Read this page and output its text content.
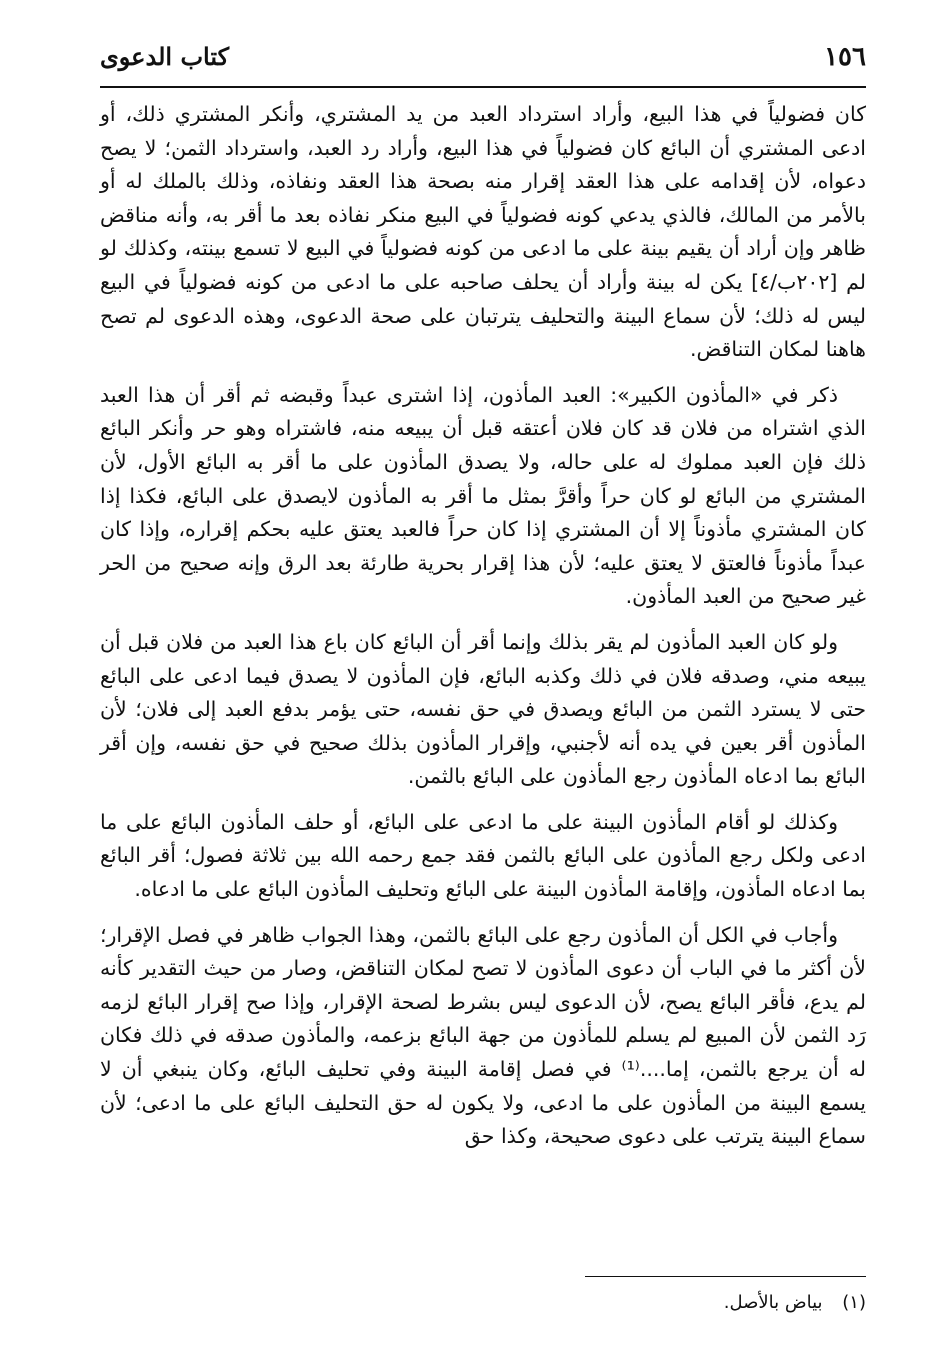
١٥٦
كتاب الدعوى

كان فضولياً في هذا البيع، وأراد استرداد العبد من يد المشتري، وأنكر المشتري ذلك، أو ادعى المشتري أن البائع كان فضولياً في هذا البيع، وأراد رد العبد، واسترداد الثمن؛ لا يصح دعواه، لأن إقدامه على هذا العقد إقرار منه بصحة هذا العقد ونفاذه، وذلك بالملك له أو بالأمر من المالك، فالذي يدعي كونه فضولياً في البيع منكر نفاذه بعد ما أقر به، وأنه مناقض ظاهر وإن أراد أن يقيم بينة على ما ادعى من كونه فضولياً في البيع لا تسمع بينته، وكذلك لو لم [٢٠٢ب/٤] يكن له بينة وأراد أن يحلف صاحبه على ما ادعى من كونه فضولياً في البيع ليس له ذلك؛ لأن سماع البينة والتحليف يترتبان على صحة الدعوى، وهذه الدعوى لم تصح هاهنا لمكان التناقض.

ذكر في «المأذون الكبير»: العبد المأذون، إذا اشترى عبداً وقبضه ثم أقر أن هذا العبد الذي اشتراه من فلان قد كان فلان أعتقه قبل أن يبيعه منه، فاشتراه وهو حر وأنكر البائع ذلك فإن العبد مملوك له على حاله، ولا يصدق المأذون على ما أقر به البائع الأول، لأن المشتري من البائع لو كان حراً وأقرَّ بمثل ما أقر به المأذون لايصدق على البائع، فكذا إذا كان المشتري مأذوناً إلا أن المشتري إذا كان حراً فالعبد يعتق عليه بحكم إقراره، وإذا كان عبداً مأذوناً فالعتق لا يعتق عليه؛ لأن هذا إقرار بحرية طارئة بعد الرق وإنه صحيح من الحر غير صحيح من العبد المأذون.

ولو كان العبد المأذون لم يقر بذلك وإنما أقر أن البائع كان باع هذا العبد من فلان قبل أن يبيعه مني، وصدقه فلان في ذلك وكذبه البائع، فإن المأذون لا يصدق فيما ادعى على البائع حتى لا يسترد الثمن من البائع ويصدق في حق نفسه، حتى يؤمر بدفع العبد إلى فلان؛ لأن المأذون أقر بعين في يده أنه لأجنبي، وإقرار المأذون بذلك صحيح في حق نفسه، وإن أقر البائع بما ادعاه المأذون رجع المأذون على البائع بالثمن.

وكذلك لو أقام المأذون البينة على ما ادعى على البائع، أو حلف المأذون البائع على ما ادعى ولكل رجع المأذون على البائع بالثمن فقد جمع رحمه الله بين ثلاثة فصول؛ أقر البائع بما ادعاه المأذون، وإقامة المأذون البينة على البائع وتحليف المأذون البائع على ما ادعاه.

وأجاب في الكل أن المأذون رجع على البائع بالثمن، وهذا الجواب ظاهر في فصل الإقرار؛ لأن أكثر ما في الباب أن دعوى المأذون لا تصح لمكان التناقض، وصار من حيث التقدير كأنه لم يدع، فأقر البائع يصح، لأن الدعوى ليس بشرط لصحة الإقرار، وإذا صح إقرار البائع لزمه رَد الثمن لأن المبيع لم يسلم للمأذون من جهة البائع بزعمه، والمأذون صدقه في ذلك فكان له أن يرجع بالثمن، إما....⁽¹⁾ في فصل إقامة البينة وفي تحليف البائع، وكان ينبغي أن لا يسمع البينة من المأذون على ما ادعى، ولا يكون له حق التحليف البائع على ما ادعى؛ لأن سماع البينة يترتب على دعوى صحيحة، وكذا حق

(١) بياض بالأصل.
